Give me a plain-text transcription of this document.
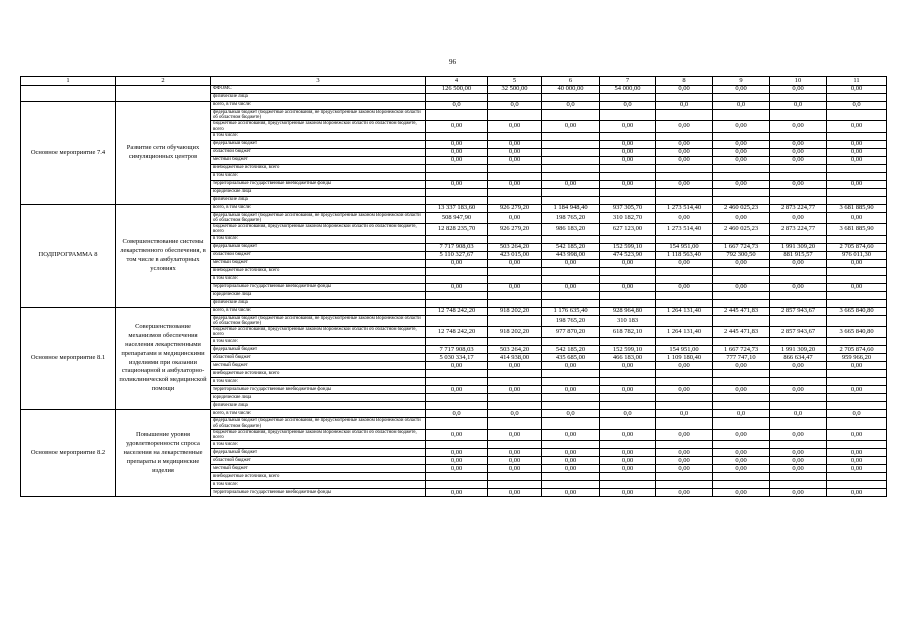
96
1	2	3	4	5	6	7	8	9	10	11
		ФФОМС	126 500,00	32 500,00	40 000,00	54 000,00	0,00	0,00	0,00	0,00
		физические лица								
Основное мероприятие 7.4	Развитие сети обучающих симуляционных центров	всего, в том числе:	0,0	0,0	0,0	0,0	0,0	0,0	0,0	0,0
		федеральный бюджет (бюджетные ассигнования, не предусмотренные законом Воронежской области об областном бюджете)								
		бюджетные ассигнования, предусмотренные законом Воронежской области об областном бюджете, всего	0,00	0,00	0,00	0,00	0,00	0,00	0,00	0,00
		в том числе:								
		федеральный бюджет	0,00	0,00		0,00	0,00	0,00	0,00	0,00
		областной бюджет	0,00	0,00		0,00	0,00	0,00	0,00	0,00
		местный бюджет	0,00	0,00		0,00	0,00	0,00	0,00	0,00
		внебюджетные источники, всего								
		в том числе:								
		территориальные государственные внебюджетные фонды	0,00	0,00	0,00	0,00	0,00	0,00	0,00	0,00
		юридические лица								
		физические лица								
ПОДПРОГРАММА 8	Совершенствование системы лекарственного обеспечения, в том числе в амбулаторных условиях	всего, в том числе:	13 337 183,60	926 279,20	1 184 948,40	937 305,70	1 273 514,40	2 460 025,23	2 873 224,77	3 681 885,90
		федеральный бюджет (бюджетные ассигнования, не предусмотренные законом Воронежской области об областном бюджете)	508 947,90	0,00	198 765,20	310 182,70	0,00	0,00	0,00	0,00
		бюджетные ассигнования, предусмотренные законом Воронежской области об областном бюджете, всего	12 828 235,70	926 279,20	986 183,20	627 123,00	1 273 514,40	2 460 025,23	2 873 224,77	3 681 885,90
		в том числе:								
		федеральный бюджет	7 717 908,03	503 264,20	542 185,20	152 599,10	154 951,00	1 667 724,73	1 991 309,20	2 705 874,60
		областной бюджет	5 110 327,67	423 015,00	443 998,00	474 523,90	1 118 563,40	792 300,50	881 915,57	976 011,30
		местный бюджет	0,00	0,00	0,00	0,00	0,00	0,00	0,00	0,00
		внебюджетные источники, всего								
		в том числе:								
		территориальные государственные внебюджетные фонды	0,00	0,00	0,00	0,00	0,00	0,00	0,00	0,00
		юридические лица								
		физические лица								
Основное мероприятие 8.1	Совершенствование механизмов обеспечения населения лекарственными препаратами и медицинскими изделиями при оказании стационарной и амбулаторно-поликлинической медицинской помощи	всего, в том числе:	12 748 242,20	918 202,20	1 176 635,40	928 964,80	1 264 131,40	2 445 471,83	2 857 943,67	3 665 840,80
		федеральный бюджет (бюджетные ассигнования, не предусмотренные законом Воронежской области об областном бюджете)			198 765,20	310 183				
		бюджетные ассигнования, предусмотренные законом Воронежской области об областном бюджете, всего	12 748 242,20	918 202,20	977 870,20	618 782,10	1 264 131,40	2 445 471,83	2 857 943,67	3 665 840,80
		в том числе:								
		федеральный бюджет	7 717 908,03	503 264,20	542 185,20	152 599,10	154 951,00	1 667 724,73	1 991 309,20	2 705 874,60
		областной бюджет	5 030 334,17	414 938,00	435 685,00	466 183,00	1 109 180,40	777 747,10	866 634,47	959 966,20
		местный бюджет	0,00	0,00	0,00	0,00	0,00	0,00	0,00	0,00
		внебюджетные источники, всего								
		в том числе:								
		территориальные государственные внебюджетные фонды	0,00	0,00	0,00	0,00	0,00	0,00	0,00	0,00
		юридические лица								
		физические лица								
Основное мероприятие 8.2	Повышение уровня удовлетворенности спроса населения на лекарственные препараты и медицинские изделия	всего, в том числе:	0,0	0,0	0,0	0,0	0,0	0,0	0,0	0,0
		федеральный бюджет (бюджетные ассигнования, не предусмотренные законом Воронежской области об областном бюджете)								
		бюджетные ассигнования, предусмотренные законом Воронежской области об областном бюджете, всего	0,00	0,00	0,00	0,00	0,00	0,00	0,00	0,00
		в том числе:								
		федеральный бюджет	0,00	0,00	0,00	0,00	0,00	0,00	0,00	0,00
		областной бюджет	0,00	0,00	0,00	0,00	0,00	0,00	0,00	0,00
		местный бюджет	0,00	0,00	0,00	0,00	0,00	0,00	0,00	0,00
		внебюджетные источники, всего								
		в том числе:								
		территориальные государственные внебюджетные фонды	0,00	0,00	0,00	0,00	0,00	0,00	0,00	0,00
